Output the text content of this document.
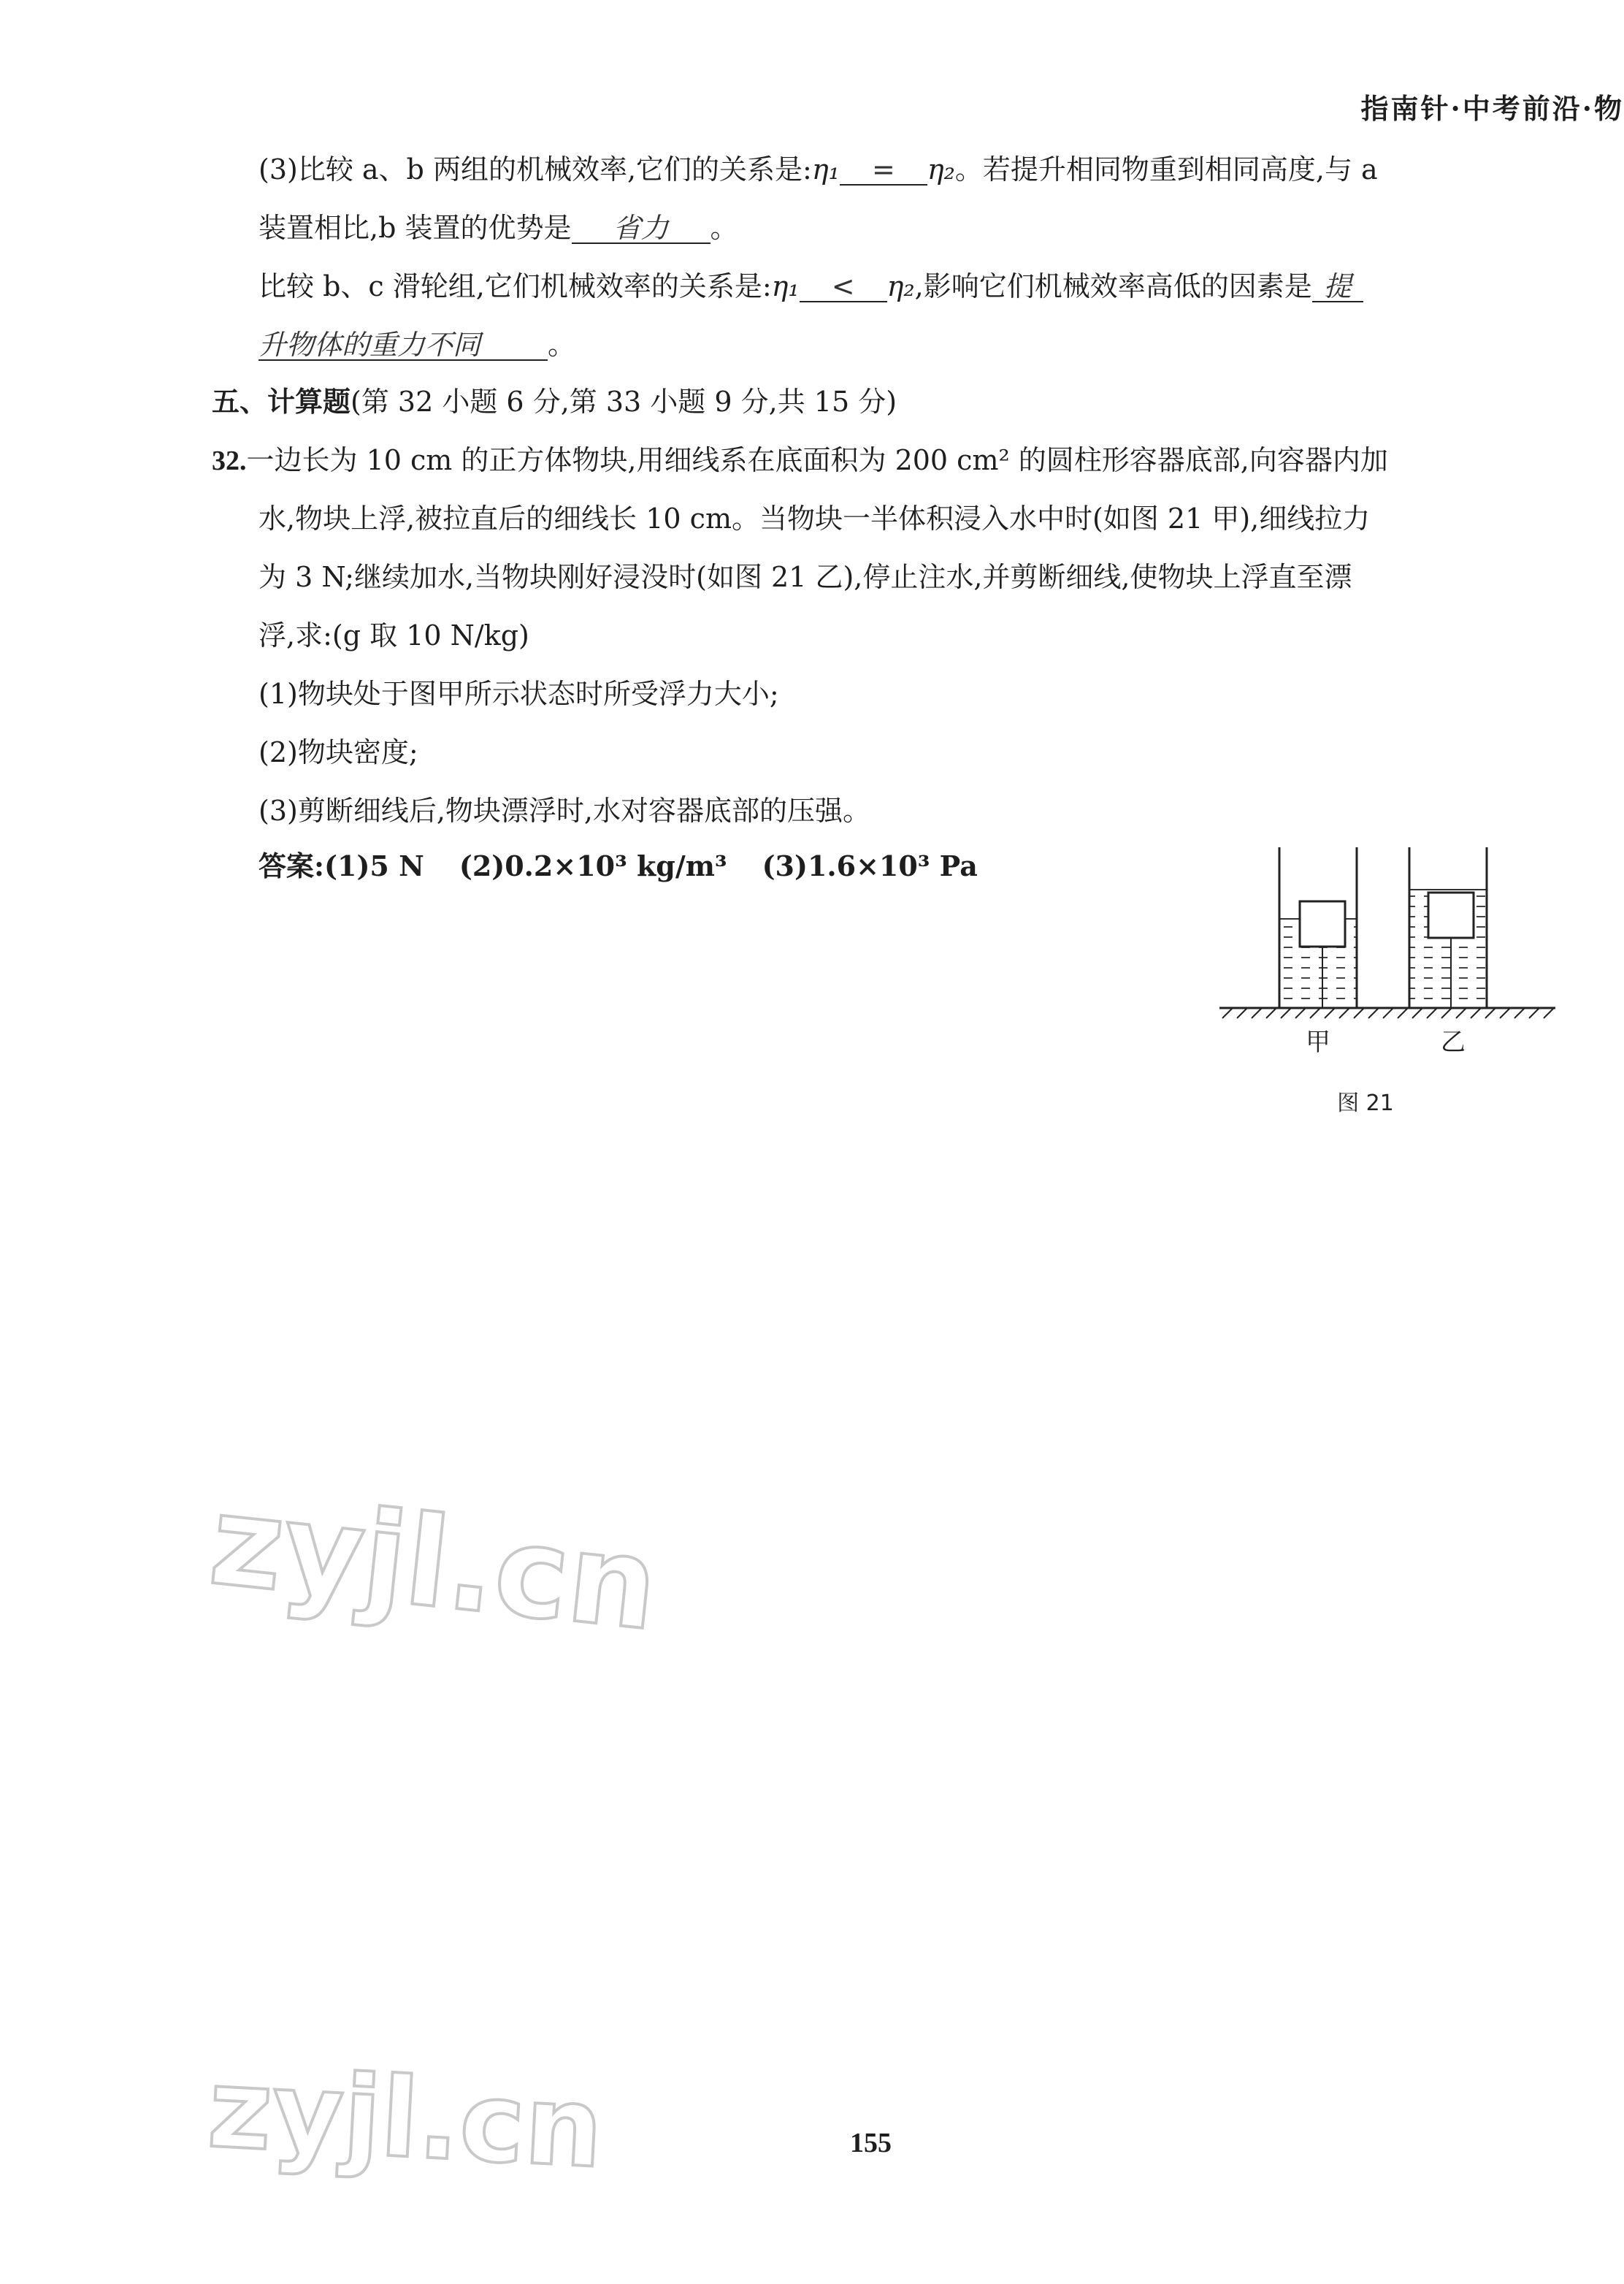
指南针·中考前沿·物
(3)比较 a、b 两组的机械效率,它们的关系是:η₁ = η₂。若提升相同物重到相同高度,与 a
装置相比,b 装置的优势是 省力 。
比较 b、c 滑轮组,它们机械效率的关系是:η₁ < η₂,影响它们机械效率高低的因素是 提
升物体的重力不同 。
五、计算题(第 32 小题 6 分,第 33 小题 9 分,共 15 分)
32.一边长为 10 cm 的正方体物块,用细线系在底面积为 200 cm² 的圆柱形容器底部,向容器内加
水,物块上浮,被拉直后的细线长 10 cm。当物块一半体积浸入水中时(如图 21 甲),细线拉力
为 3 N;继续加水,当物块刚好浸没时(如图 21 乙),停止注水,并剪断细线,使物块上浮直至漂
浮,求:(g 取 10 N/kg)
(1)物块处于图甲所示状态时所受浮力大小;
(2)物块密度;
(3)剪断细线后,物块漂浮时,水对容器底部的压强。
答案:(1)5 N (2)0.2×10³ kg/m³ (3)1.6×10³ Pa
甲	乙
图 21
zyjl.cn
zyjl.cn	155
